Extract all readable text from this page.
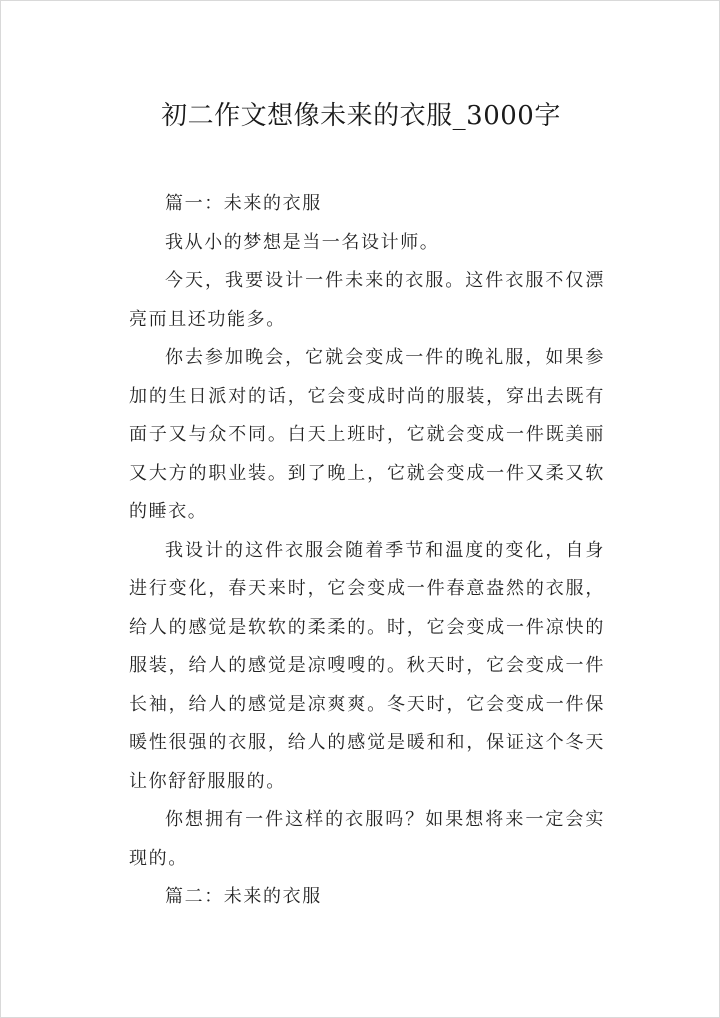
初二作文想像未来的衣服_3000字

篇一：未来的衣服

我从小的梦想是当一名设计师。

今天，我要设计一件未来的衣服。这件衣服不仅漂亮而且还功能多。

你去参加晚会，它就会变成一件的晚礼服，如果参加的生日派对的话，它会变成时尚的服装，穿出去既有面子又与众不同。白天上班时，它就会变成一件既美丽又大方的职业装。到了晚上，它就会变成一件又柔又软的睡衣。

我设计的这件衣服会随着季节和温度的变化，自身进行变化，春天来时，它会变成一件春意盎然的衣服，给人的感觉是软软的柔柔的。时，它会变成一件凉快的服装，给人的感觉是凉嗖嗖的。秋天时，它会变成一件长袖，给人的感觉是凉爽爽。冬天时，它会变成一件保暖性很强的衣服，给人的感觉是暖和和，保证这个冬天让你舒舒服服的。

你想拥有一件这样的衣服吗？如果想将来一定会实现的。

篇二：未来的衣服
